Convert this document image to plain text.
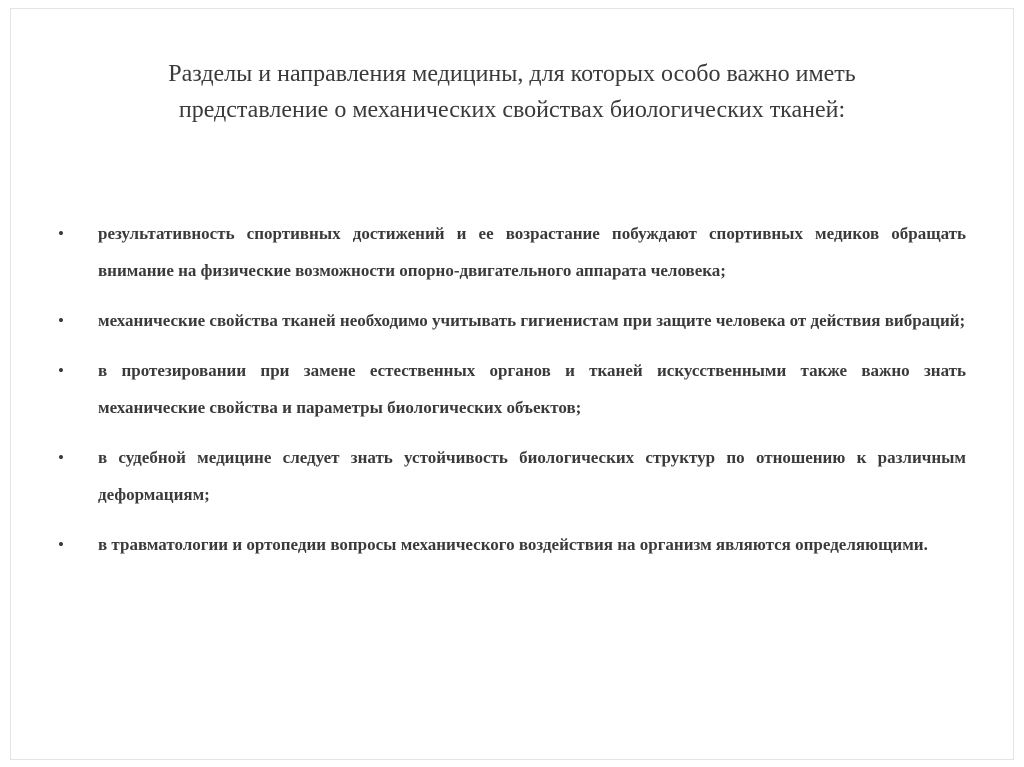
Разделы и направления медицины, для которых особо важно иметь
представление о механических свойствах биологических тканей:
•	результативность спортивных достижений и ее возрастание побуждают спортивных медиков обращать внимание на физические возможности опорно-двигательного аппарата человека;

•	механические свойства тканей необходимо учитывать гигиенистам при защите человека от действия вибраций;

•	в протезировании при замене естественных органов и тканей искусственными также важно знать механические свойства и параметры биологических объектов;

•	в судебной медицине следует знать устойчивость биологических структур по отношению к различным деформациям;

•	в травматологии и ортопедии вопросы механического воздействия на организм являются определяющими.
